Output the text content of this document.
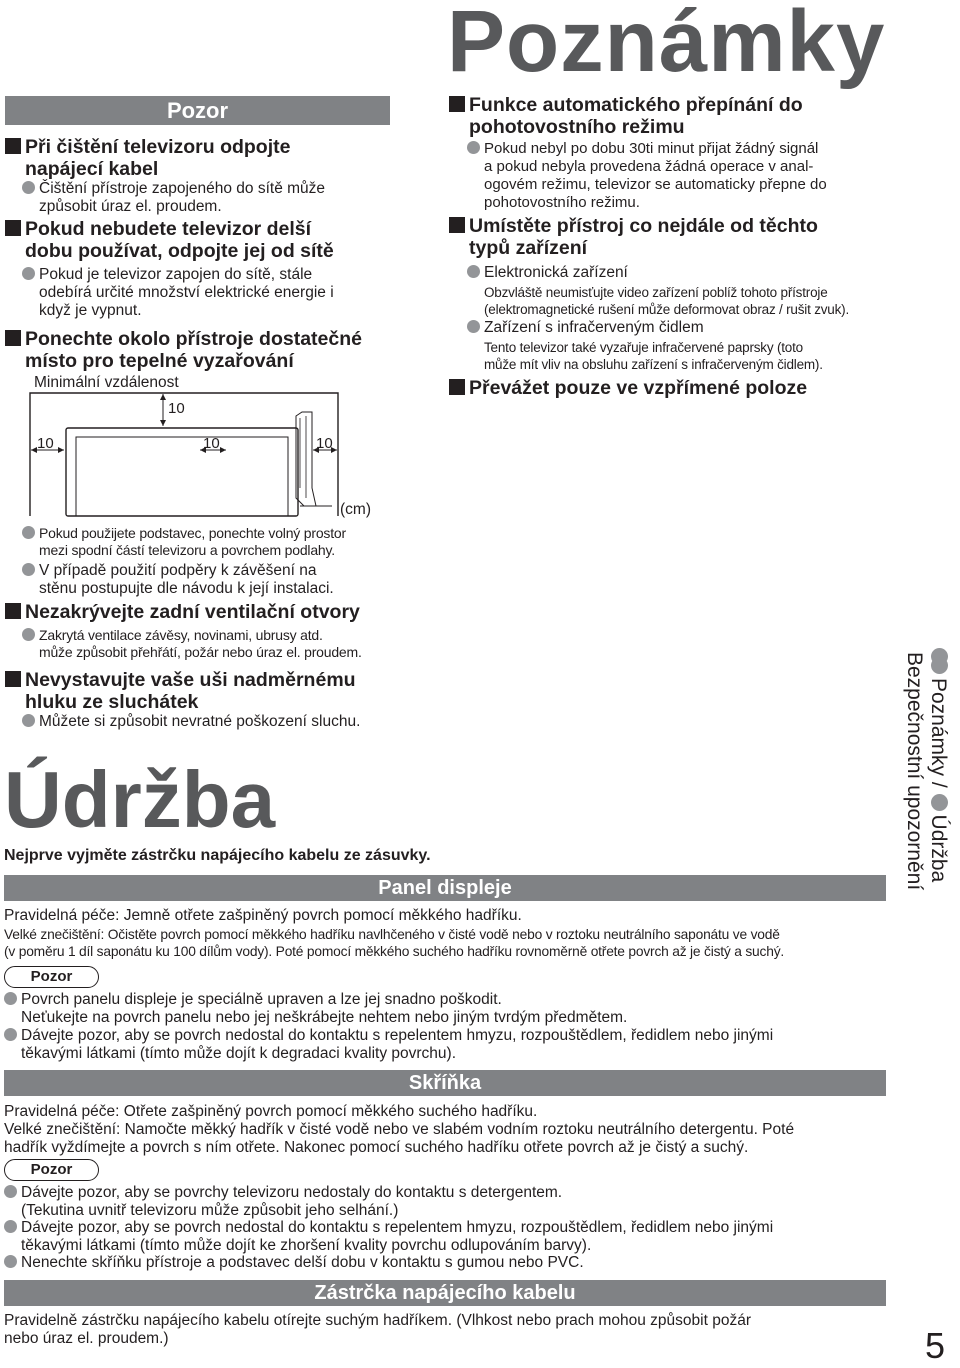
Poznámky
Pozor
Při čištění televizoru odpojte
napájecí kabel
Čištění přístroje zapojeného do sítě může
způsobit úraz el. proudem.
Pokud nebudete televizor delší
dobu používat, odpojte jej od sítě
Pokud je televizor zapojen do sítě, stále
odebírá určité množství elektrické energie i
když je vypnut.
Ponechte okolo přístroje dostatečné
místo pro tepelné vyzařování
Minimální vzdálenost
10
10	10	10
(cm)
Pokud použijete podstavec, ponechte volný prostor
mezi spodní částí televizoru a povrchem podlahy.
V případě použití podpěry k závěšení na
stěnu postupujte dle návodu k její instalaci.
Nezakrývejte zadní ventilační otvory
Zakrytá ventilace závěsy, novinami, ubrusy atd.
může způsobit přehřátí, požár nebo úraz el. proudem.
Nevystavujte vaše uši nadměrnému
hluku ze sluchátek
Můžete si způsobit nevratné poškození sluchu.
Funkce automatického přepínání do
pohotovostního režimu
Pokud nebyl po dobu 30ti minut přijat žádný signál
a pokud nebyla provedena žádná operace v anal-
ogovém režimu, televizor se automaticky přepne do
pohotovostního režimu.
Umístěte přístroj co nejdále od těchto
typů zařízení
Elektronická zařízení
Obzvláště neumisťujte video zařízení poblíž tohoto přístroje
(elektromagnetické rušení může deformovat obraz / rušit zvuk).
Zařízení s infračerveným čidlem
Tento televizor také vyzařuje infračervené paprsky (toto
může mít vliv na obsluhu zařízení s infračerveným čidlem).
Převážet pouze ve vzpřímené poloze
Údržba
Nejprve vyjměte zástrčku napájecího kabelu ze zásuvky.
Panel displeje
Pravidelná péče: Jemně otřete zašpiněný povrch pomocí měkkého hadříku.
Velké znečištění: Očistěte povrch pomocí měkkého hadříku navlhčeného v čisté vodě nebo v roztoku neutrálního saponátu ve vodě
(v poměru 1 díl saponátu ku 100 dílům vody). Poté pomocí měkkého suchého hadříku rovnoměrně otřete povrch až je čistý a suchý.
Pozor
Povrch panelu displeje je speciálně upraven a lze jej snadno poškodit.
Neťukejte na povrch panelu nebo jej neškrábejte nehtem nebo jiným tvrdým předmětem.
Dávejte pozor, aby se povrch nedostal do kontaktu s repelentem hmyzu, rozpouštědlem, ředidlem nebo jinými
těkavými látkami (tímto může dojít k degradaci kvality povrchu).
Skříňka
Pravidelná péče: Otřete zašpiněný povrch pomocí měkkého suchého hadříku.
Velké znečištění: Namočte měkký hadřík v čisté vodě nebo ve slabém vodním roztoku neutrálního detergentu. Poté
hadřík vyždímejte a povrch s ním otřete. Nakonec pomocí suchého hadříku otřete povrch až je čistý a suchý.
Pozor
Dávejte pozor, aby se povrchy televizoru nedostaly do kontaktu s detergentem.
(Tekutina uvnitř televizoru může způsobit jeho selhání.)
Dávejte pozor, aby se povrch nedostal do kontaktu s repelentem hmyzu, rozpouštědlem, ředidlem nebo jinými
těkavými látkami (tímto může dojít ke zhoršení kvality povrchu odlupováním barvy).
Nenechte skříňku přístroje a podstavec delší dobu v kontaktu s gumou nebo PVC.
Zástrčka napájecího kabelu
Pravidelně zástrčku napájecího kabelu otírejte suchým hadříkem. (Vlhkost nebo prach mohou způsobit požár
nebo úraz el. proudem.)
Poznámky / Údržba
Bezpečnostní upozornění
5
